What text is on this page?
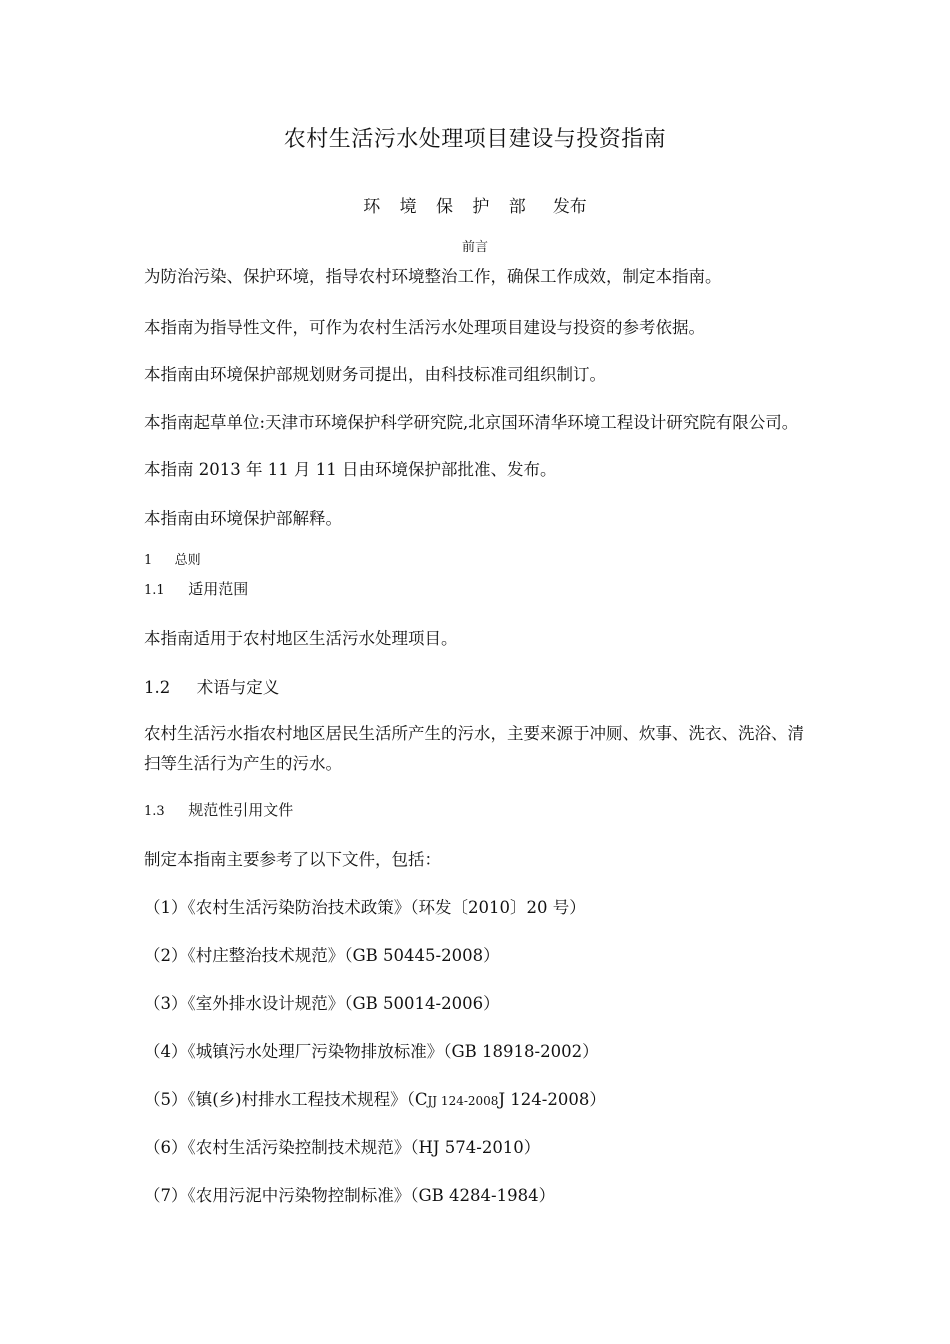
农村生活污水处理项目建设与投资指南
环 境 保 护 部 发布
前言

为防治污染、保护环境，指导农村环境整治工作，确保工作成效，制定本指南。

本指南为指导性文件，可作为农村生活污水处理项目建设与投资的参考依据。

本指南由环境保护部规划财务司提出，由科技标准司组织制订。

本指南起草单位:天津市环境保护科学研究院,北京国环清华环境工程设计研究院有限公司。

本指南 2013 年 11 月 11 日由环境保护部批准、发布。

本指南由环境保护部解释。

1 总则
1.1 适用范围

本指南适用于农村地区生活污水处理项目。

1.2 术语与定义

农村生活污水指农村地区居民生活所产生的污水，主要来源于冲厕、炊事、洗衣、洗浴、清

扫等生活行为产生的污水。

1.3 规范性引用文件

制定本指南主要参考了以下文件，包括：

（1）《农村生活污染防治技术政策》（环发〔2010〕20 号）

（2）《村庄整治技术规范》（GB 50445-2008）

（3）《室外排水设计规范》（GB 50014-2006）

（4）《城镇污水处理厂污染物排放标准》（GB 18918-2002）

（5）《镇(乡)村排水工程技术规程》（CJJ 124-2008J 124-2008）

（6）《农村生活污染控制技术规范》（HJ 574-2010）

（7）《农用污泥中污染物控制标准》（GB 4284-1984）
